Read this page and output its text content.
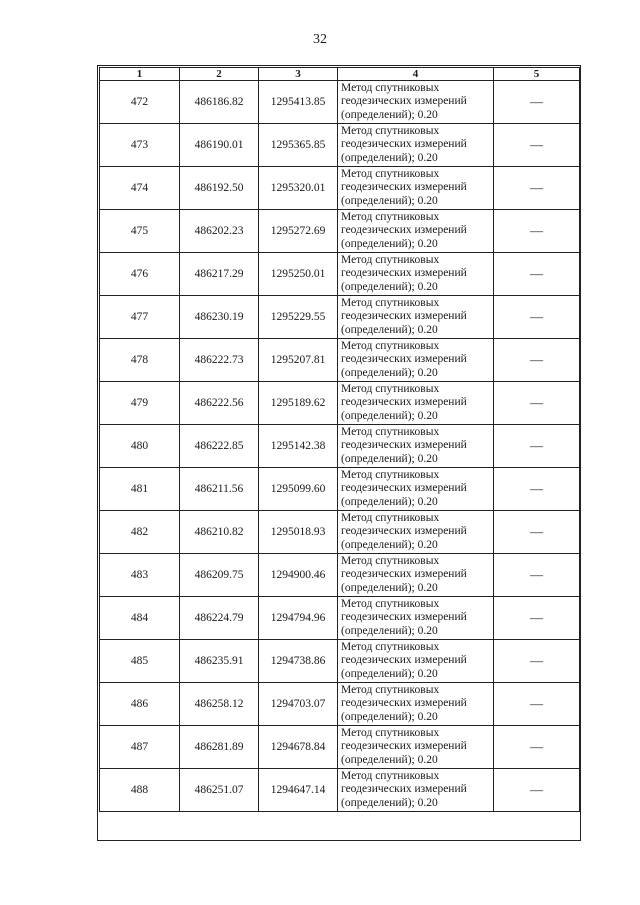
32
1	2	3	4	5
472	486186.82	1295413.85	Метод спутниковых
геодезических измерений
(определений); 0.20	—
473	486190.01	1295365.85	Метод спутниковых
геодезических измерений
(определений); 0.20	—
474	486192.50	1295320.01	Метод спутниковых
геодезических измерений
(определений); 0.20	—
475	486202.23	1295272.69	Метод спутниковых
геодезических измерений
(определений); 0.20	—
476	486217.29	1295250.01	Метод спутниковых
геодезических измерений
(определений); 0.20	—
477	486230.19	1295229.55	Метод спутниковых
геодезических измерений
(определений); 0.20	—
478	486222.73	1295207.81	Метод спутниковых
геодезических измерений
(определений); 0.20	—
479	486222.56	1295189.62	Метод спутниковых
геодезических измерений
(определений); 0.20	—
480	486222.85	1295142.38	Метод спутниковых
геодезических измерений
(определений); 0.20	—
481	486211.56	1295099.60	Метод спутниковых
геодезических измерений
(определений); 0.20	—
482	486210.82	1295018.93	Метод спутниковых
геодезических измерений
(определений); 0.20	—
483	486209.75	1294900.46	Метод спутниковых
геодезических измерений
(определений); 0.20	—
484	486224.79	1294794.96	Метод спутниковых
геодезических измерений
(определений); 0.20	—
485	486235.91	1294738.86	Метод спутниковых
геодезических измерений
(определений); 0.20	—
486	486258.12	1294703.07	Метод спутниковых
геодезических измерений
(определений); 0.20	—
487	486281.89	1294678.84	Метод спутниковых
геодезических измерений
(определений); 0.20	—
488	486251.07	1294647.14	Метод спутниковых
геодезических измерений
(определений); 0.20	—
